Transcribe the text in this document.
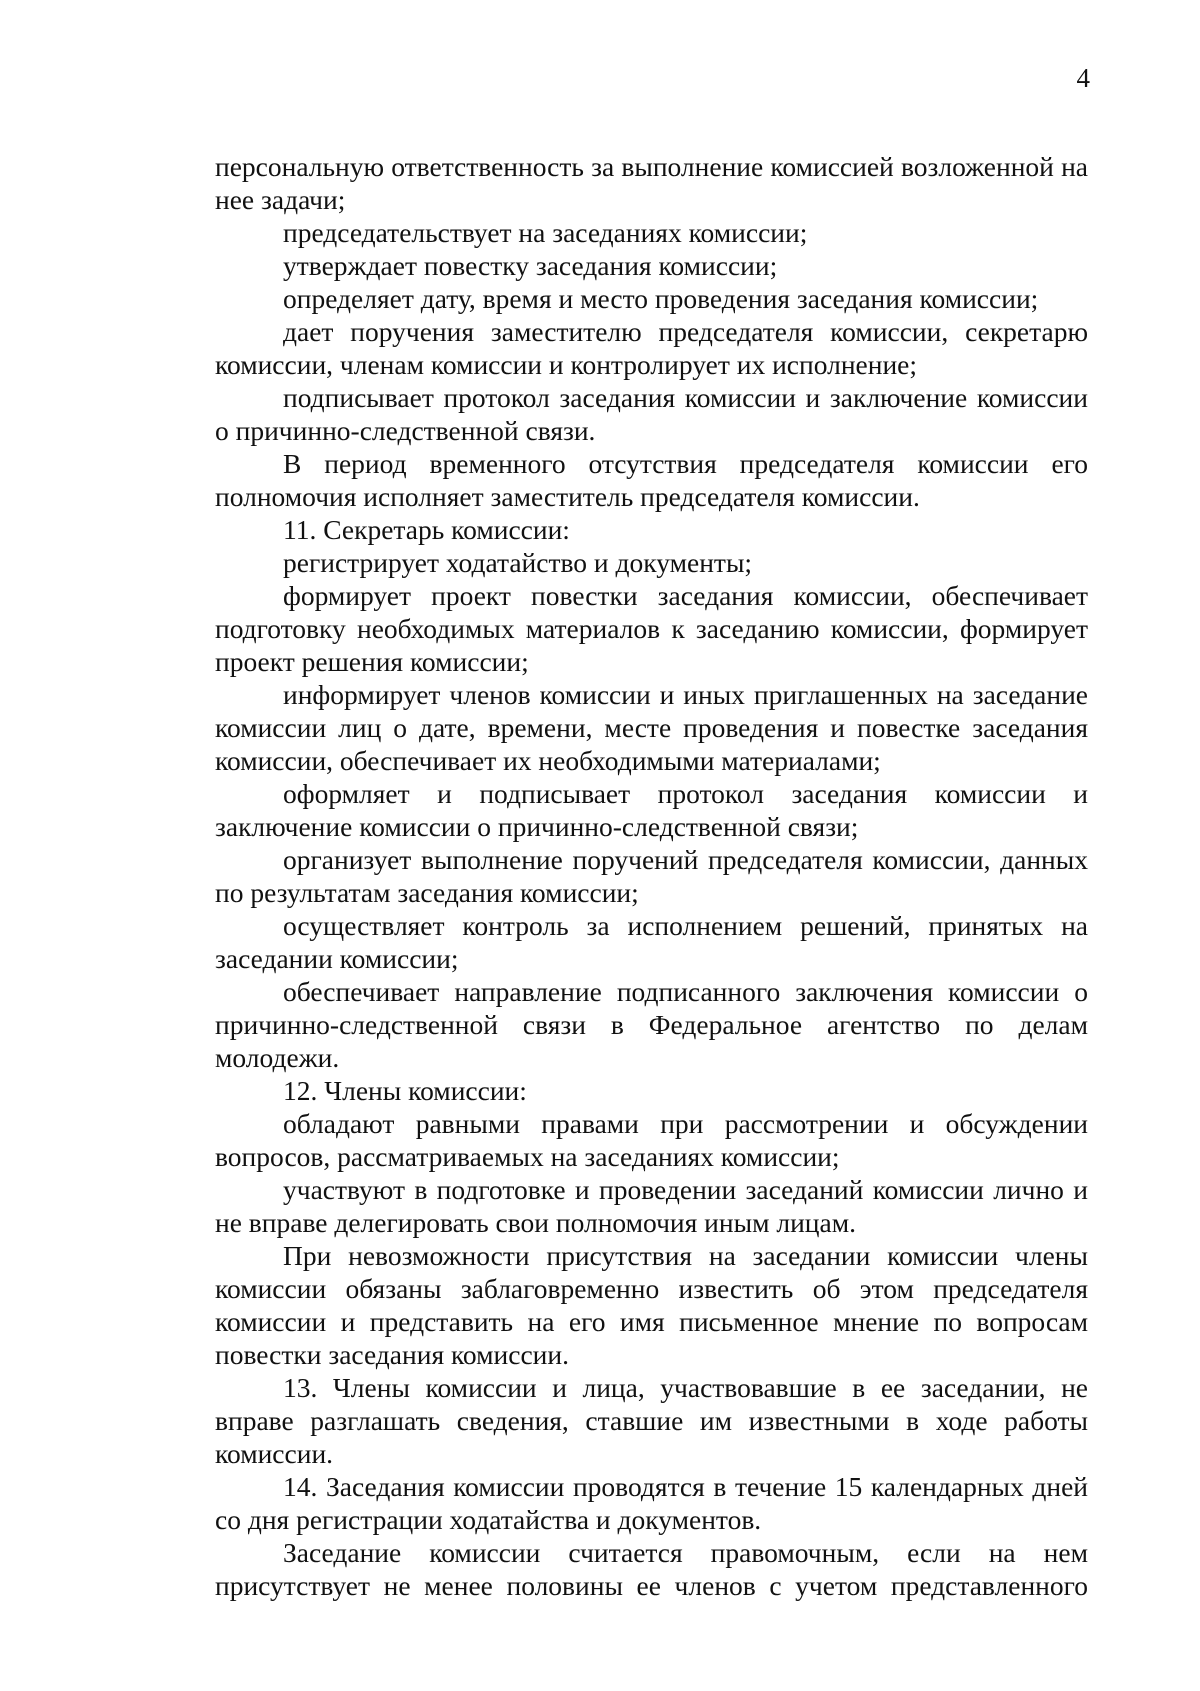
4

персональную ответственность за выполнение комиссией возложенной на нее задачи;

председательствует на заседаниях комиссии;

утверждает повестку заседания комиссии;

определяет дату, время и место проведения заседания комиссии;

дает поручения заместителю председателя комиссии, секретарю комиссии, членам комиссии и контролирует их исполнение;

подписывает протокол заседания комиссии и заключение комиссии о причинно-следственной связи.

В период временного отсутствия председателя комиссии его полномочия исполняет заместитель председателя комиссии.

11. Секретарь комиссии:

регистрирует ходатайство и документы;

формирует проект повестки заседания комиссии, обеспечивает подготовку необходимых материалов к заседанию комиссии, формирует проект решения комиссии;

информирует членов комиссии и иных приглашенных на заседание комиссии лиц о дате, времени, месте проведения и повестке заседания комиссии, обеспечивает их необходимыми материалами;

оформляет и подписывает протокол заседания комиссии и заключение комиссии о причинно-следственной связи;

организует выполнение поручений председателя комиссии, данных по результатам заседания комиссии;

осуществляет контроль за исполнением решений, принятых на заседании комиссии;

обеспечивает направление подписанного заключения комиссии о причинно-следственной связи в Федеральное агентство по делам молодежи.

12. Члены комиссии:

обладают равными правами при рассмотрении и обсуждении вопросов, рассматриваемых на заседаниях комиссии;

участвуют в подготовке и проведении заседаний комиссии лично и не вправе делегировать свои полномочия иным лицам.

При невозможности присутствия на заседании комиссии члены комиссии обязаны заблаговременно известить об этом председателя комиссии и представить на его имя письменное мнение по вопросам повестки заседания комиссии.

13. Члены комиссии и лица, участвовавшие в ее заседании, не вправе разглашать сведения, ставшие им известными в ходе работы комиссии.

14. Заседания комиссии проводятся в течение 15 календарных дней со дня регистрации ходатайства и документов.

Заседание комиссии считается правомочным, если на нем присутствует не менее половины ее членов с учетом представленного
